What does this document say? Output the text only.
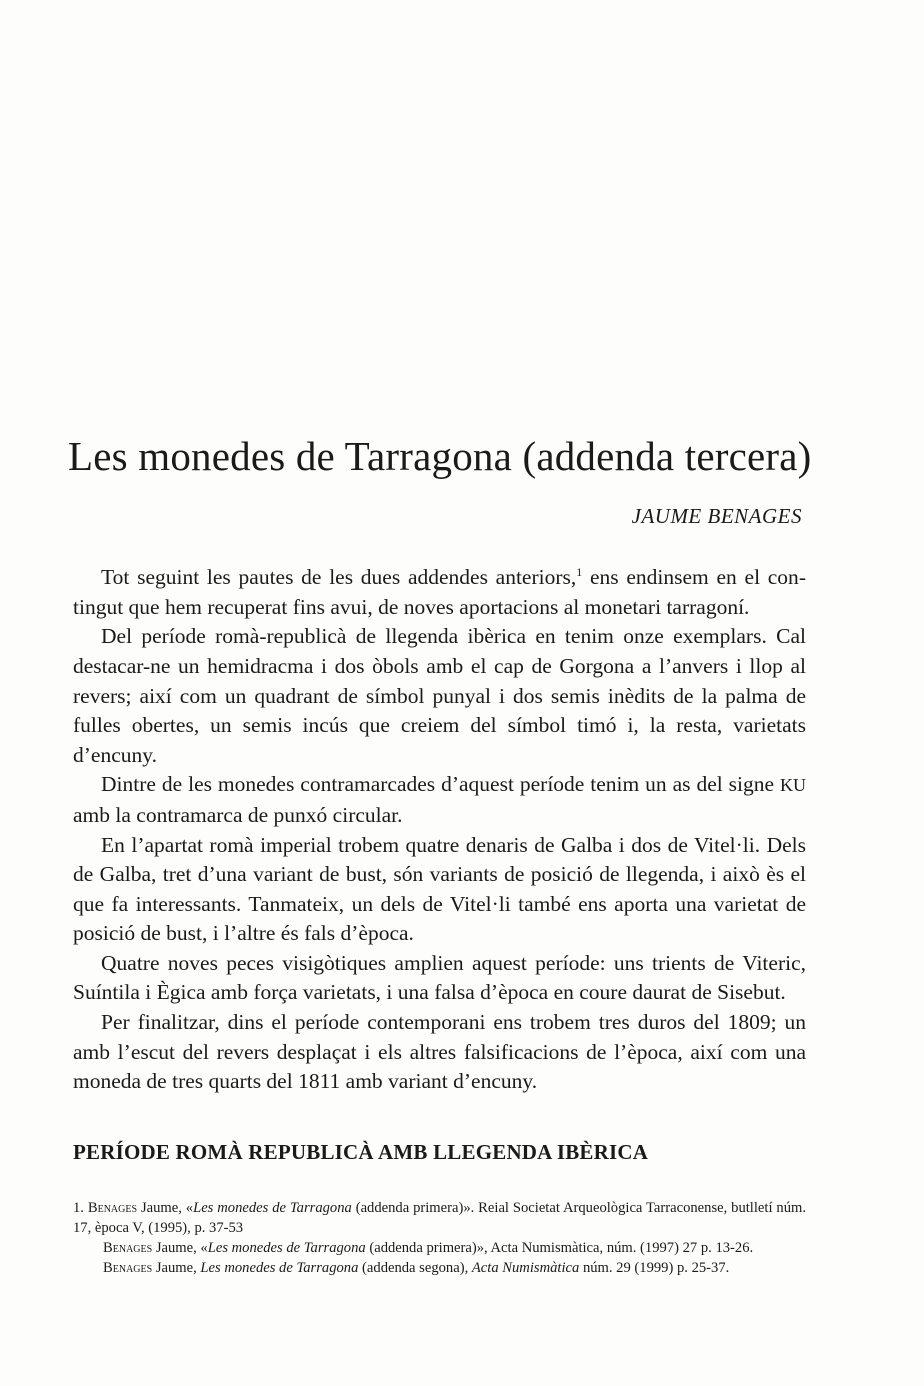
Les monedes de Tarragona (addenda tercera)
JAUME BENAGES

Tot seguint les pautes de les dues addendes anteriors,$^1$ ens endinsem en el contingut que hem recuperat fins avui, de noves aportacions al monetari tarragoní.

Del període romà-republicà de llegenda ibèrica en tenim onze exemplars. Cal destacar-ne un hemidracma i dos òbols amb el cap de Gorgona a l’anvers i llop al revers; així com un quadrant de símbol punyal i dos semis inèdits de la palma de fulles obertes, un semis incús que creiem del símbol timó i, la resta, varietats d’encuny.

Dintre de les monedes contramarcades d’aquest període tenim un as del signe KU amb la contramarca de punxó circular.

En l’apartat romà imperial trobem quatre denaris de Galba i dos de Vitel·li. Dels de Galba, tret d’una variant de bust, són variants de posició de llegenda, i això ès el que fa interessants. Tanmateix, un dels de Vitel·li també ens aporta una varietat de posició de bust, i l’altre és fals d’època.

Quatre noves peces visigòtiques amplien aquest període: uns trients de Viteric, Suíntila i Ègica amb força varietats, i una falsa d’època en coure daurat de Sisebut.

Per finalitzar, dins el període contemporani ens trobem tres duros del 1809; un amb l’escut del revers desplaçat i els altres falsificacions de l’època, així com una moneda de tres quarts del 1811 amb variant d’encuny.

PERÍODE ROMÀ REPUBLICÀ AMB LLEGENDA IBÈRICA

1. Benages Jaume, «Les monedes de Tarragona (addenda primera)». Reial Societat Arqueològica Tarraconense, butlletí núm. 17, època V, (1995), p. 37-53

Benages Jaume, «Les monedes de Tarragona (addenda primera)», Acta Numismàtica, núm. (1997) 27 p. 13-26.

Benages Jaume, Les monedes de Tarragona (addenda segona), Acta Numismàtica núm. 29 (1999) p. 25-37.
